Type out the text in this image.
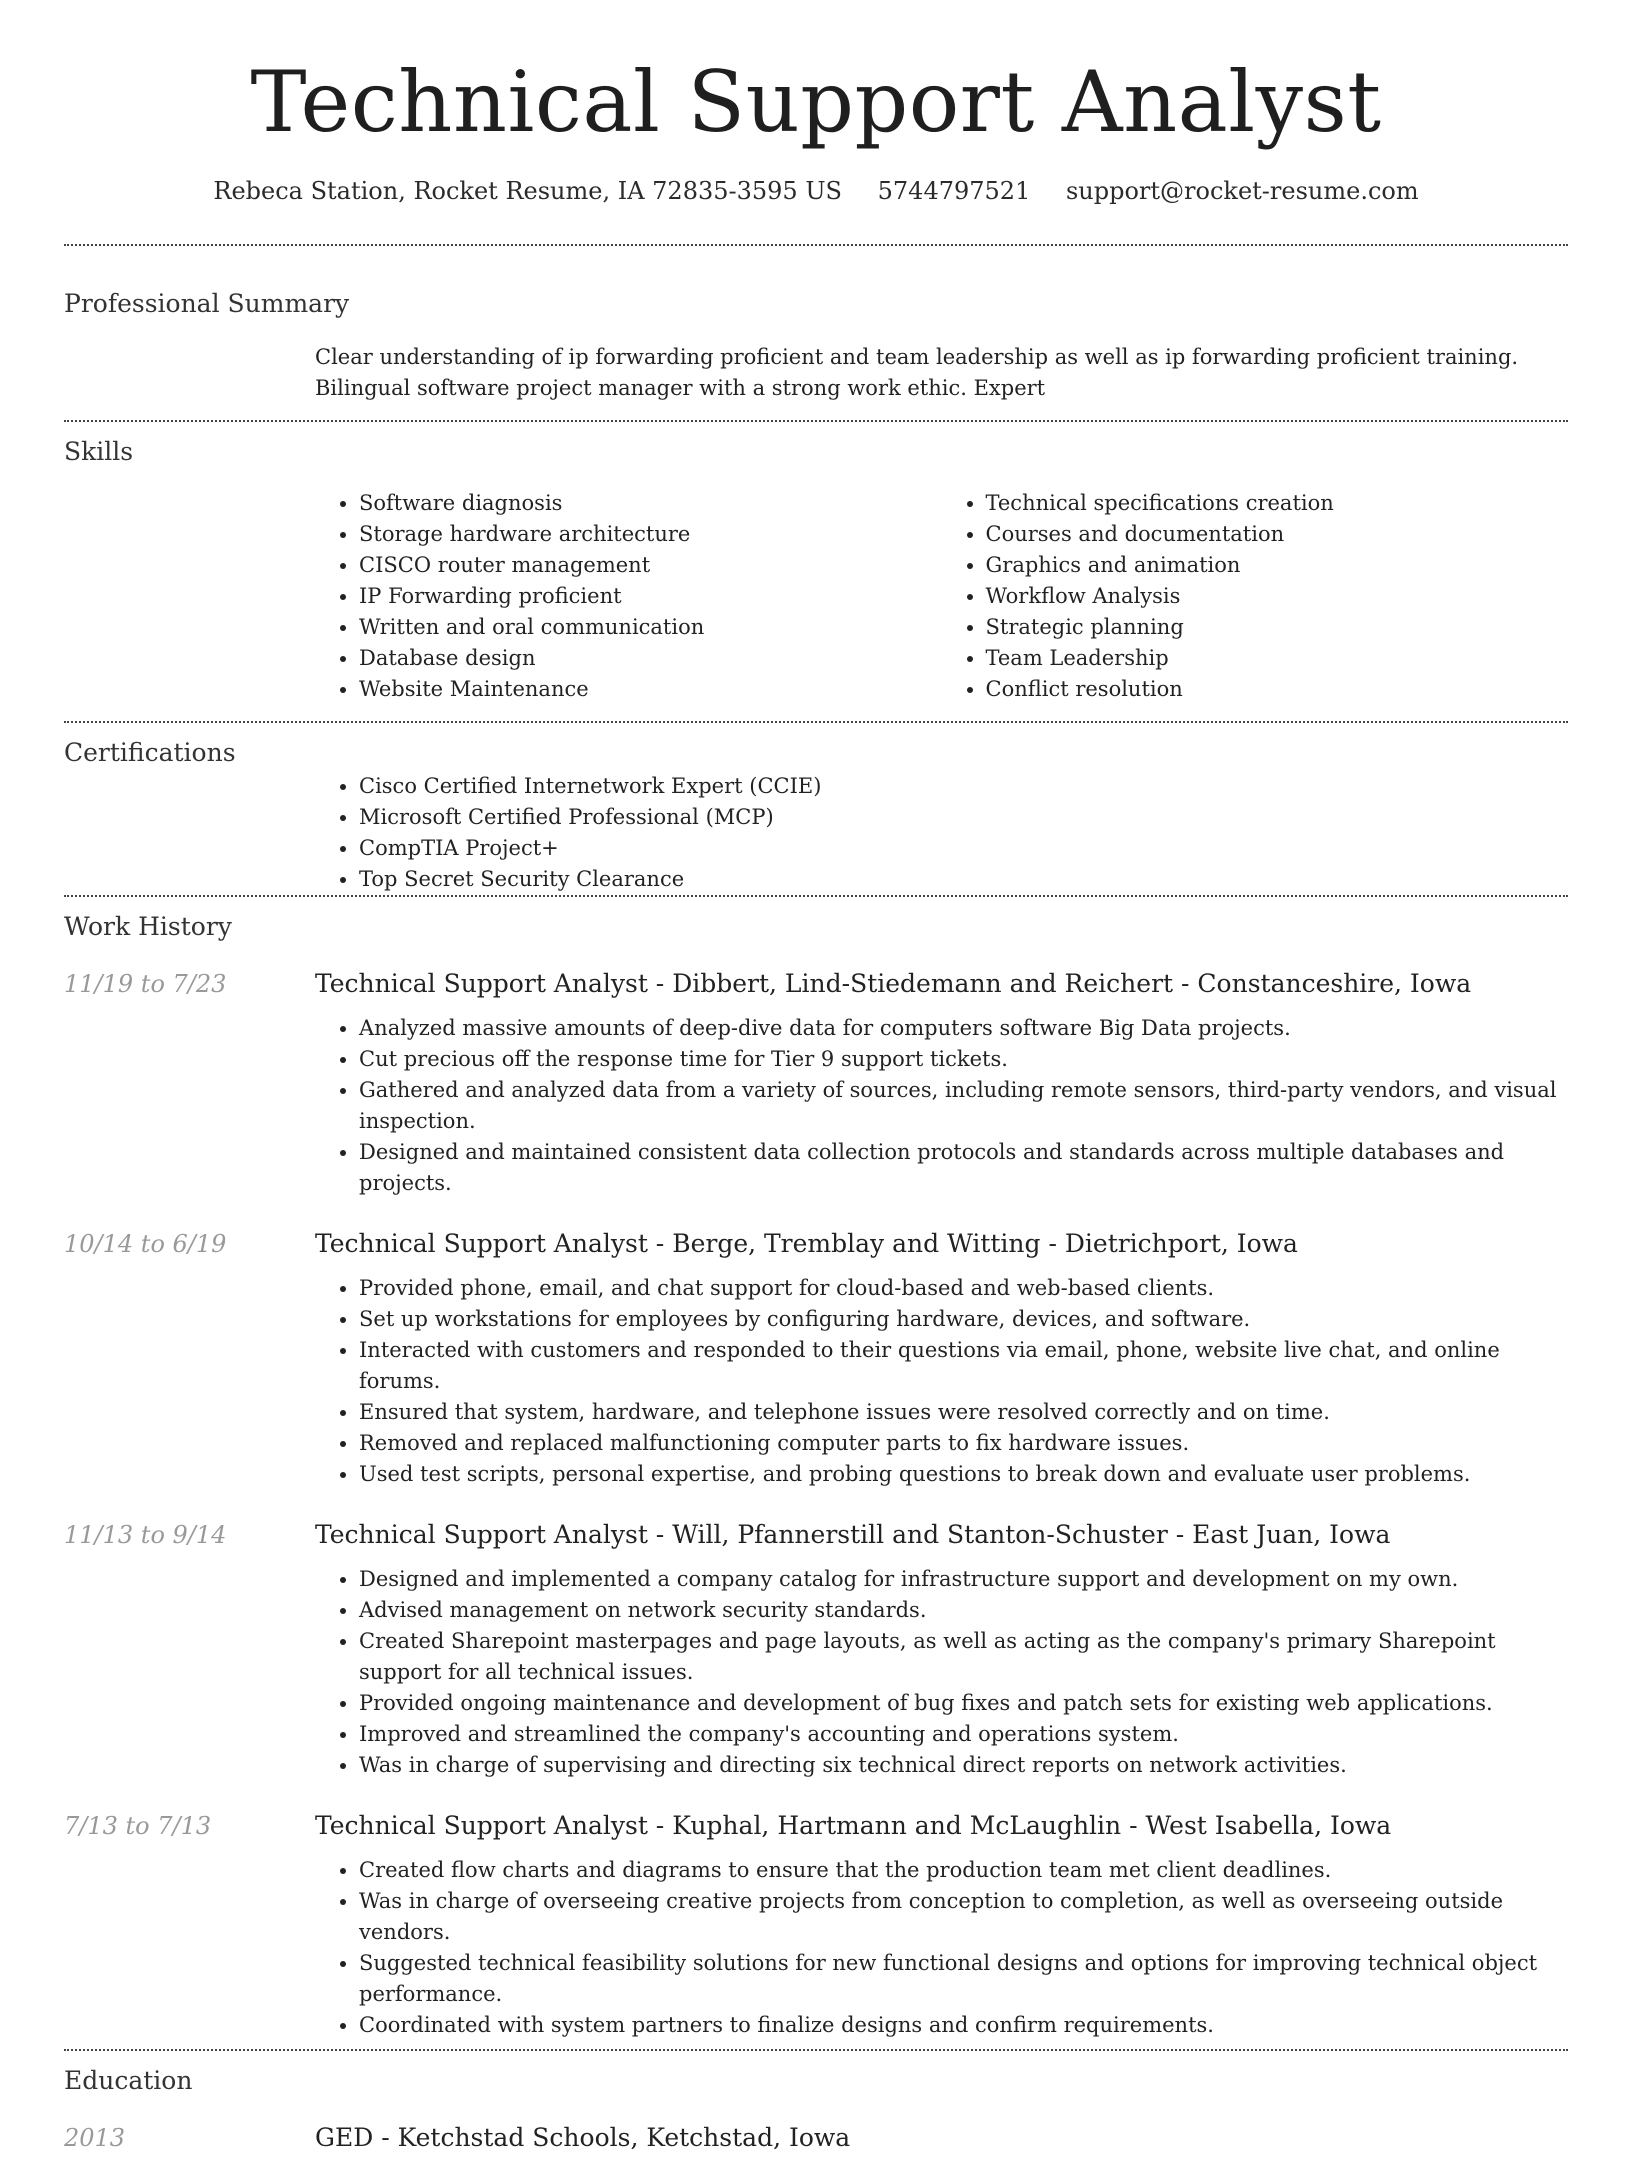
Technical Support Analyst
Rebeca Station, Rocket Resume, IA 72835-3595 US 5744797521 support@rocket-resume.com
Professional Summary

Clear understanding of ip forwarding proficient and team leadership as well as ip forwarding proficient training. Bilingual software project manager with a strong work ethic. Expert

Skills
• Software diagnosis
• Storage hardware architecture
• CISCO router management
• IP Forwarding proficient
• Written and oral communication
• Database design
• Website Maintenance
• Technical specifications creation
• Courses and documentation
• Graphics and animation
• Workflow Analysis
• Strategic planning
• Team Leadership
• Conflict resolution
Certifications
• Cisco Certified Internetwork Expert (CCIE)
• Microsoft Certified Professional (MCP)
• CompTIA Project+
• Top Secret Security Clearance
Work History
11/19 to 7/23	Technical Support Analyst - Dibbert, Lind-Stiedemann and Reichert - Constanceshire, Iowa
• Analyzed massive amounts of deep-dive data for computers software Big Data projects.
• Cut precious off the response time for Tier 9 support tickets.
• Gathered and analyzed data from a variety of sources, including remote sensors, third-party vendors, and visual inspection.
• Designed and maintained consistent data collection protocols and standards across multiple databases and projects.
10/14 to 6/19	Technical Support Analyst - Berge, Tremblay and Witting - Dietrichport, Iowa
• Provided phone, email, and chat support for cloud-based and web-based clients.
• Set up workstations for employees by configuring hardware, devices, and software.
• Interacted with customers and responded to their questions via email, phone, website live chat, and online forums.
• Ensured that system, hardware, and telephone issues were resolved correctly and on time.
• Removed and replaced malfunctioning computer parts to fix hardware issues.
• Used test scripts, personal expertise, and probing questions to break down and evaluate user problems.
11/13 to 9/14	Technical Support Analyst - Will, Pfannerstill and Stanton-Schuster - East Juan, Iowa
• Designed and implemented a company catalog for infrastructure support and development on my own.
• Advised management on network security standards.
• Created Sharepoint masterpages and page layouts, as well as acting as the company's primary Sharepoint support for all technical issues.
• Provided ongoing maintenance and development of bug fixes and patch sets for existing web applications.
• Improved and streamlined the company's accounting and operations system.
• Was in charge of supervising and directing six technical direct reports on network activities.
7/13 to 7/13	Technical Support Analyst - Kuphal, Hartmann and McLaughlin - West Isabella, Iowa
• Created flow charts and diagrams to ensure that the production team met client deadlines.
• Was in charge of overseeing creative projects from conception to completion, as well as overseeing outside vendors.
• Suggested technical feasibility solutions for new functional designs and options for improving technical object performance.
• Coordinated with system partners to finalize designs and confirm requirements.
Education
2013	GED - Ketchstad Schools, Ketchstad, Iowa
